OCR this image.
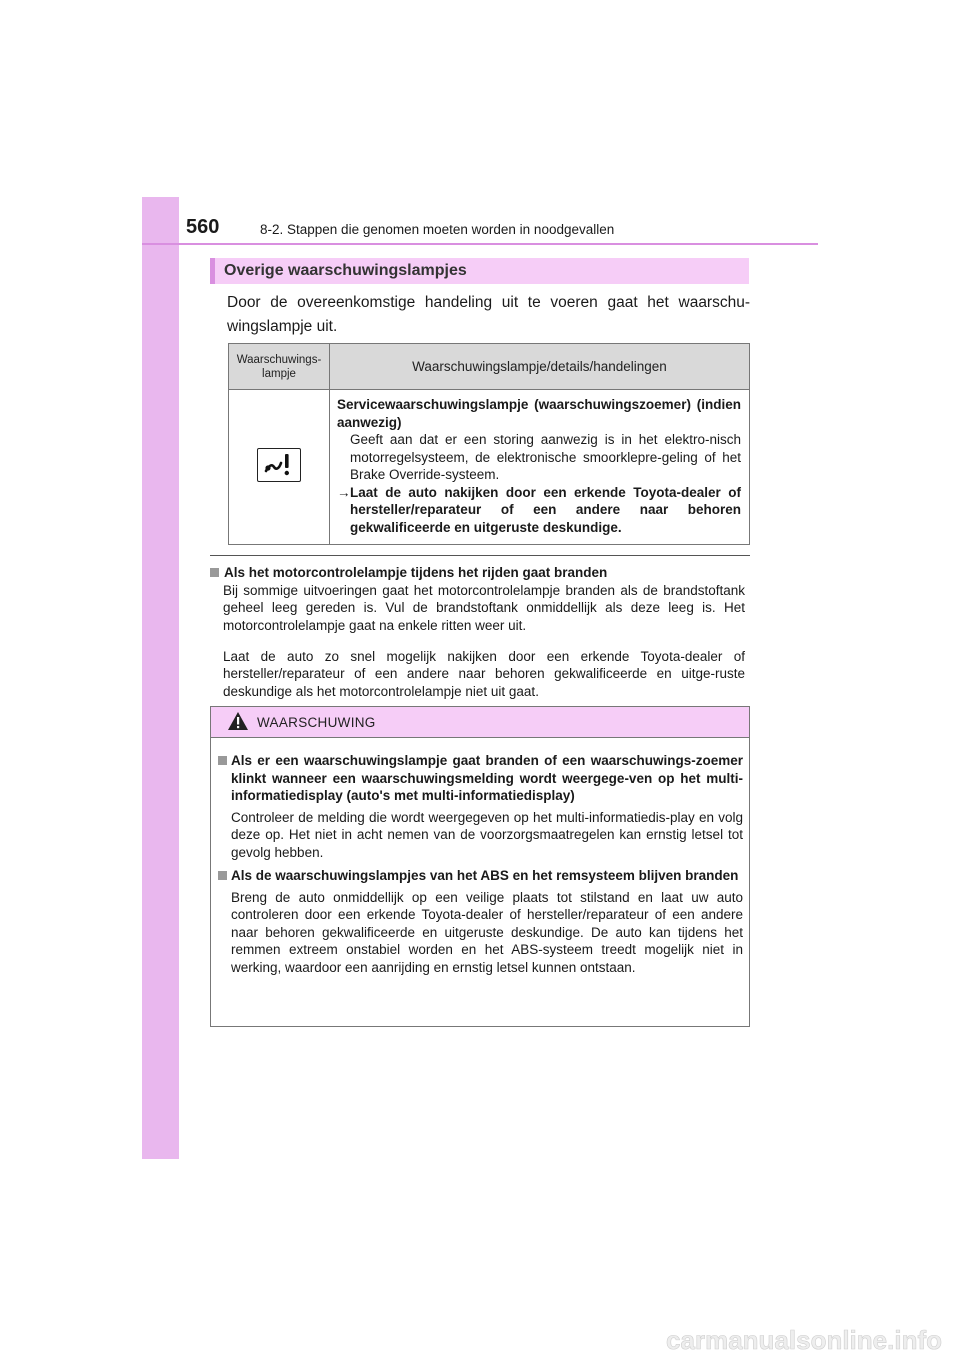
560	8-2. Stappen die genomen moeten worden in noodgevallen
Overige waarschuwingslampjes
Door de overeenkomstige handeling uit te voeren gaat het waarschu-wingslampje uit.
Waarschuwings-lampje	Waarschuwingslampje/details/handelingen

Servicewaarschuwingslampje (waarschuwingszoemer) (indien aanwezig)
Geeft aan dat er een storing aanwezig is in het elektro-nisch motorregelsysteem, de elektronische smoorklepre-geling of het Brake Override-systeem.
→ Laat de auto nakijken door een erkende Toyota-dealer of hersteller/reparateur of een andere naar behoren gekwalificeerde en uitgeruste deskundige.
Als het motorcontrolelampje tijdens het rijden gaat branden

Bij sommige uitvoeringen gaat het motorcontrolelampje branden als de brandstoftank geheel leeg gereden is. Vul de brandstoftank onmiddellijk als deze leeg is. Het motorcontrolelampje gaat na enkele ritten weer uit.

Laat de auto zo snel mogelijk nakijken door een erkende Toyota-dealer of hersteller/reparateur of een andere naar behoren gekwalificeerde en uitge-ruste deskundige als het motorcontrolelampje niet uit gaat.

WAARSCHUWING
Als er een waarschuwingslampje gaat branden of een waarschuwings-zoemer klinkt wanneer een waarschuwingsmelding wordt weergege-ven op het multi-informatiedisplay (auto's met multi-informatiedisplay)
Controleer de melding die wordt weergegeven op het multi-informatiedis-play en volg deze op. Het niet in acht nemen van de voorzorgsmaatregelen kan ernstig letsel tot gevolg hebben.
Als de waarschuwingslampjes van het ABS en het remsysteem blijven branden
Breng de auto onmiddellijk op een veilige plaats tot stilstand en laat uw auto controleren door een erkende Toyota-dealer of hersteller/reparateur of een andere naar behoren gekwalificeerde en uitgeruste deskundige. De auto kan tijdens het remmen extreem onstabiel worden en het ABS-systeem treedt mogelijk niet in werking, waardoor een aanrijding en ernstig letsel kunnen ontstaan.
carmanualsonline.info
